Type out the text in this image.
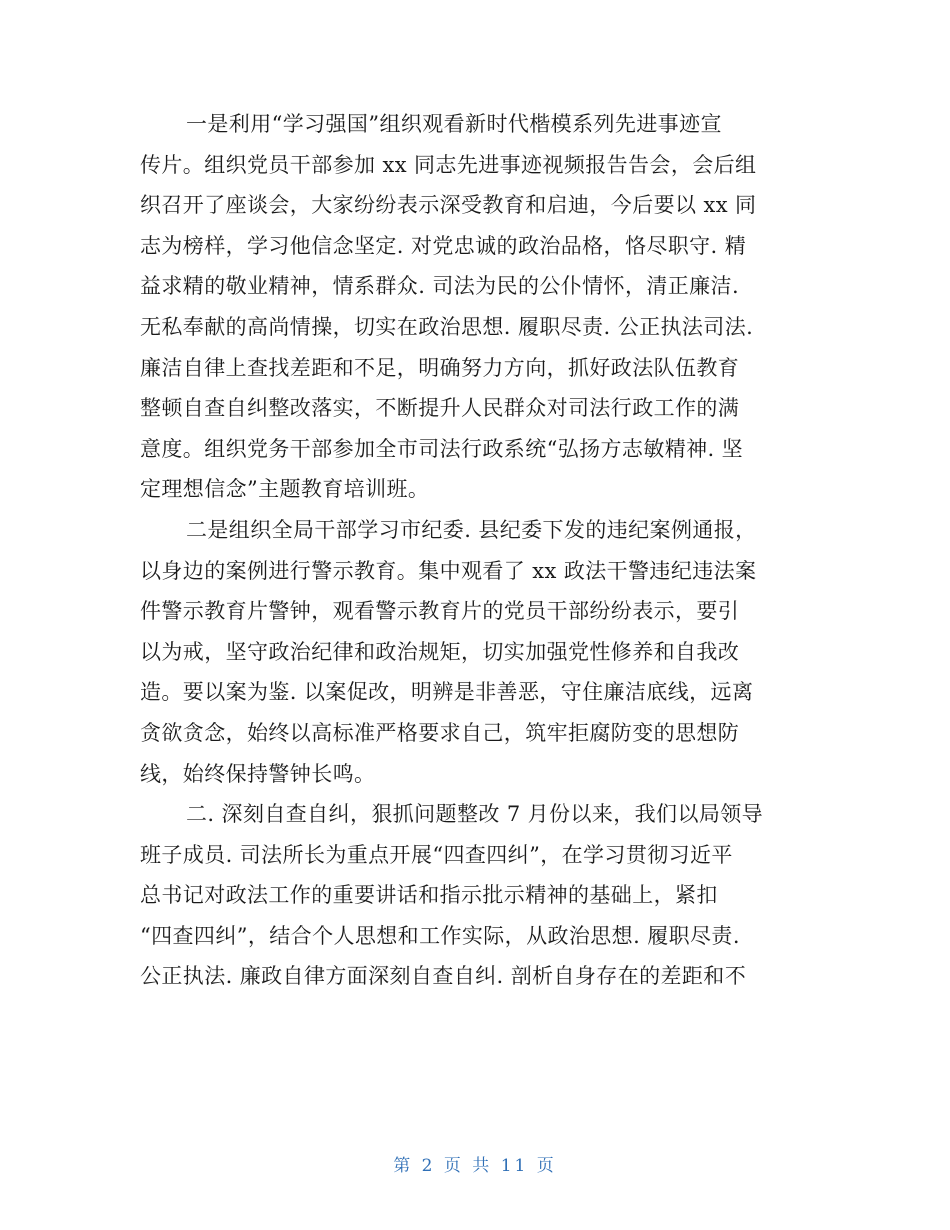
一是利用“学习强国”组织观看新时代楷模系列先进事迹宣
传片。组织党员干部参加 xx 同志先进事迹视频报告告会，会后组
织召开了座谈会，大家纷纷表示深受教育和启迪，今后要以 xx 同
志为榜样，学习他信念坚定. 对党忠诚的政治品格，恪尽职守. 精
益求精的敬业精神，情系群众. 司法为民的公仆情怀，清正廉洁.
无私奉献的高尚情操，切实在政治思想. 履职尽责. 公正执法司法.
廉洁自律上查找差距和不足，明确努力方向，抓好政法队伍教育
整顿自查自纠整改落实，不断提升人民群众对司法行政工作的满
意度。组织党务干部参加全市司法行政系统“弘扬方志敏精神. 坚
定理想信念”主题教育培训班。
二是组织全局干部学习市纪委. 县纪委下发的违纪案例通报，
以身边的案例进行警示教育。集中观看了 xx 政法干警违纪违法案
件警示教育片警钟，观看警示教育片的党员干部纷纷表示，要引
以为戒，坚守政治纪律和政治规矩，切实加强党性修养和自我改
造。要以案为鉴. 以案促改，明辨是非善恶，守住廉洁底线，远离
贪欲贪念，始终以高标准严格要求自己，筑牢拒腐防变的思想防
线，始终保持警钟长鸣。
二. 深刻自查自纠，狠抓问题整改 7 月份以来，我们以局领导
班子成员. 司法所长为重点开展“四查四纠”，在学习贯彻习近平
总书记对政法工作的重要讲话和指示批示精神的基础上，紧扣
“四查四纠”，结合个人思想和工作实际，从政治思想. 履职尽责.
公正执法. 廉政自律方面深刻自查自纠. 剖析自身存在的差距和不
第 2 页 共 11 页
